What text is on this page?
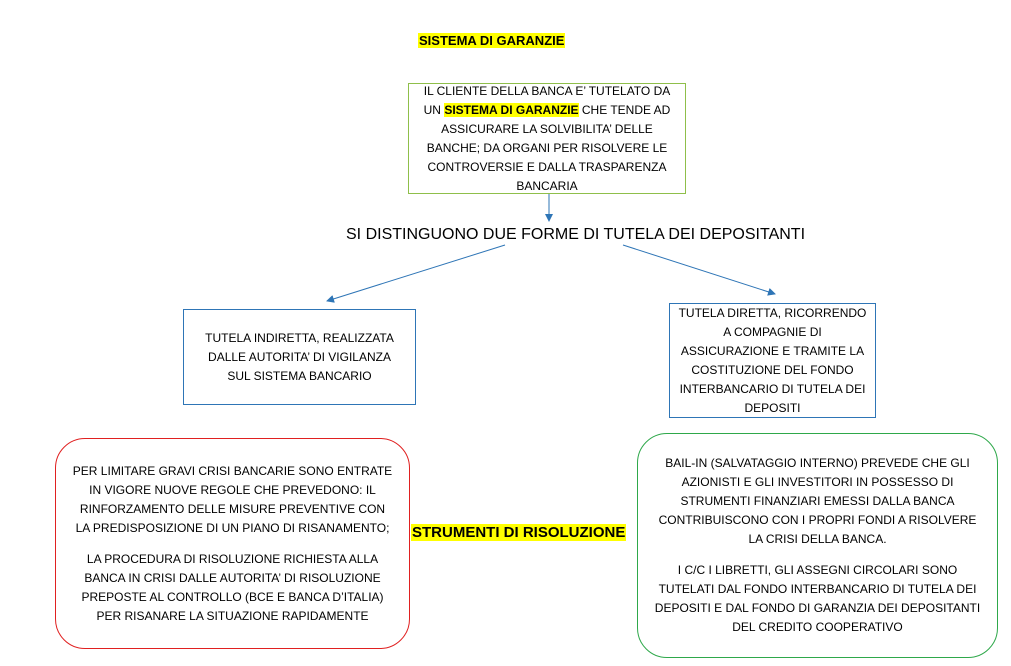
SISTEMA DI GARANZIE
IL CLIENTE DELLA BANCA E’ TUTELATO DA UN SISTEMA DI GARANZIE CHE TENDE AD ASSICURARE LA SOLVIBILITA’ DELLE BANCHE; DA ORGANI PER RISOLVERE LE CONTROVERSIE E DALLA TRASPARENZA BANCARIA
SI DISTINGUONO DUE FORME DI TUTELA DEI DEPOSITANTI
TUTELA INDIRETTA, REALIZZATA DALLE AUTORITA’ DI VIGILANZA SUL SISTEMA BANCARIO
TUTELA DIRETTA, RICORRENDO A COMPAGNIE DI ASSICURAZIONE E TRAMITE LA COSTITUZIONE DEL FONDO INTERBANCARIO DI TUTELA DEI DEPOSITI
PER LIMITARE GRAVI CRISI BANCARIE SONO ENTRATE IN VIGORE NUOVE REGOLE CHE PREVEDONO: IL RINFORZAMENTO DELLE MISURE PREVENTIVE CON LA PREDISPOSIZIONE DI UN PIANO DI RISANAMENTO;
LA PROCEDURA DI RISOLUZIONE RICHIESTA ALLA BANCA IN CRISI DALLE AUTORITA’ DI RISOLUZIONE PREPOSTE AL CONTROLLO (BCE E BANCA D’ITALIA) PER RISANARE LA SITUAZIONE RAPIDAMENTE
STRUMENTI DI RISOLUZIONE
BAIL-IN (SALVATAGGIO INTERNO) PREVEDE CHE GLI AZIONISTI E GLI INVESTITORI IN POSSESSO DI STRUMENTI FINANZIARI EMESSI DALLA BANCA CONTRIBUISCONO CON I PROPRI FONDI A RISOLVERE LA CRISI DELLA BANCA.
I C/C I LIBRETTI, GLI ASSEGNI CIRCOLARI SONO TUTELATI DAL FONDO INTERBANCARIO DI TUTELA DEI DEPOSITI E DAL FONDO DI GARANZIA DEI DEPOSITANTI DEL CREDITO COOPERATIVO
